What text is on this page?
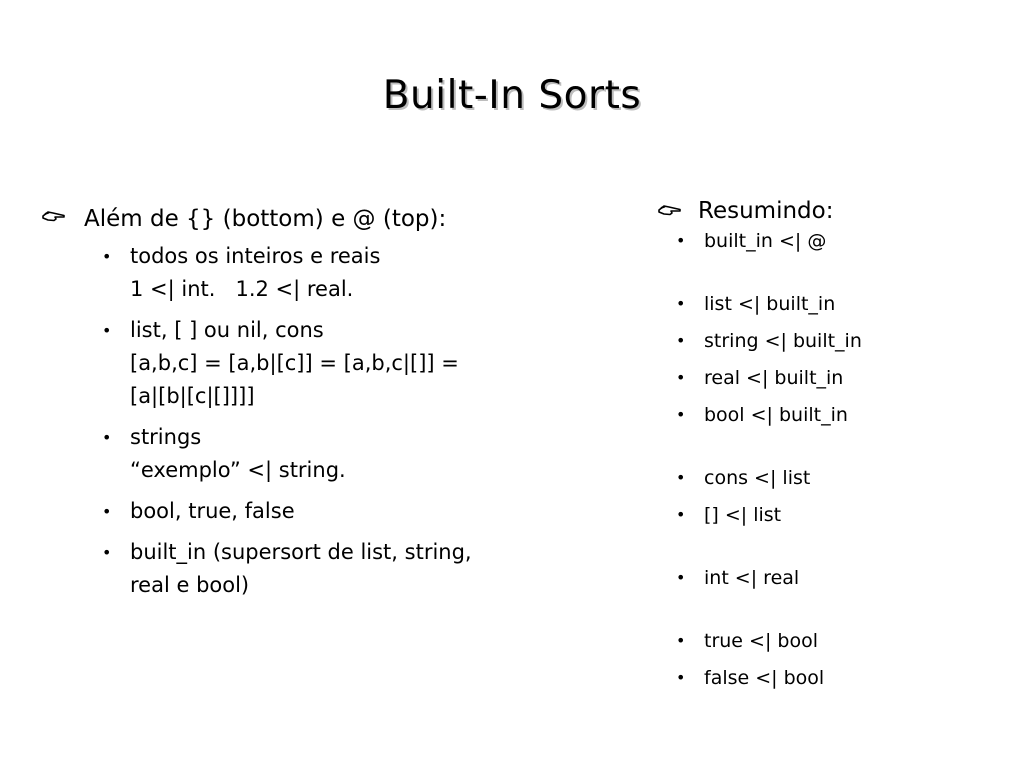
Built-In Sorts
Além de {} (bottom) e @ (top):
• todos os inteiros e reais
1 <| int.   1.2 <| real.
• list, [ ] ou nil, cons
[a,b,c] = [a,b|[c]] = [a,b,c|[]] =
[a|[b|[c|[]]]]
• strings
“exemplo” <| string.
• bool, true, false
• built_in (supersort de list, string,
real e bool)
Resumindo:
• built_in <| @
• list <| built_in
• string <| built_in
• real <| built_in
• bool <| built_in
• cons <| list
• [] <| list
• int <| real
• true <| bool
• false <| bool
